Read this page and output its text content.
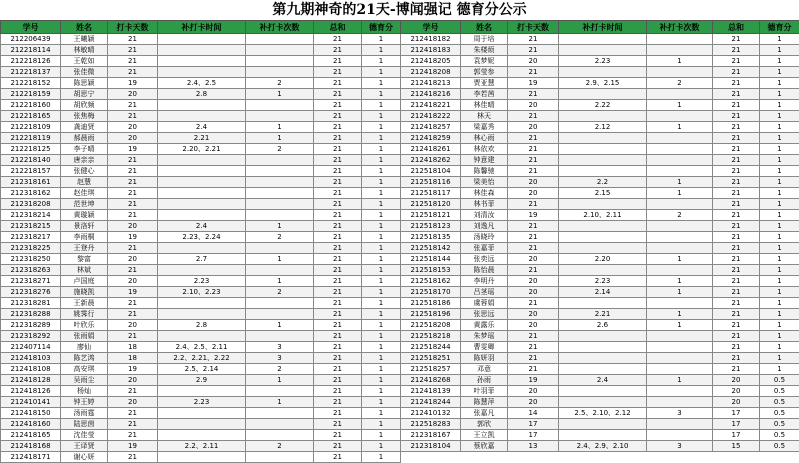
第九期神奇的21天-博闻强记 德育分公示
学号	姓名	打卡天数	补打卡时间	补打卡次数	总和	德育分
212206439	王曦颖	21			21	1
212218114	林敏晴	21			21	1
212218126	王乾如	21			21	1
212218137	张佳微	21			21	1
212218152	陈思颖	19	2.4、2.5	2	21	1
212218159	胡思宁	20	2.8	1	21	1
212218160	胡欣频	21			21	1
212218165	张焦梅	21			21	1
212218109	龚迪贤	20	2.4	1	21	1
212218119	郝晨雨	20	2.21	1	21	1
212218125	李子晴	19	2.20、2.21	2	21	1
212218140	唐亲亲	21			21	1
212218157	张健心	21			21	1
212318161	赵慧	21			21	1
212318162	赵佳琪	21			21	1
212318208	范世坤	21			21	1
212318214	黄璇颖	21			21	1
212318215	景洛轩	20	2.4	1	21	1
212318217	李雨桐	19	2.23、2.24	2	21	1
212318225	王登丹	21			21	1
212318250	黎富	20	2.7	1	21	1
212318263	林斌	21			21	1
212318271	卢国庭	20	2.23	1	21	1
212318276	施晓凯	19	2.10、2.23	2	21	1
212318281	王新晨	21			21	1
212318288	姚霁行	21			21	1
212318289	叶欣乐	20	2.8	1	21	1
212318292	张雨娟	21			21	1
212407114	廖仙	18	2.4、2.5、2.11	3	21	1
212418103	陈艺鸿	18	2.2、2.21、2.22	3	21	1
212418108	高安琪	19	2.5、2.14	2	21	1
212418128	吴雨尘	20	2.9	1	21	1
212418126	杨灿	21			21	1
212410141	钟王婷	20	2.23	1	21	1
212418150	汤雨霆	21			21	1
212418160	陆思茵	21			21	1
212418165	沈佳莹	21			21	1
212418168	王译贤	19	2.2、2.11	2	21	1
212418171	谢心妍	21			21	1
学号	姓名	打卡天数	补打卡时间	补打卡次数	总和	德育分
212418182	周于培	21			21	1
212418183	朱楼烦	21			21	1
212418205	袁梦妮	20	2.23	1	21	1
212418208	郭莹参	21			21	1
212418213	贾亚慧	19	2.9、2.15	2	21	1
212418216	李若茜	21			21	1
212418221	林佳晴	20	2.22	1	21	1
212418222	林天	21			21	1
212418257	梁嘉秀	20	2.12	1	21	1
212418259	林心雨	21			21	1
212418261	林依欢	21			21	1
212418262	钟意建	21			21	1
212518104	陈馨驰	21			21	1
212518116	梁美怡	20	2.2	1	21	1
212518117	林佳森	20	2.15	1	21	1
212518120	林书菲	21			21	1
212518121	刘清汝	19	2.10、2.11	2	21	1
212518123	刘逸凡	21			21	1
212518135	汤晓玲	21			21	1
212518142	张嘉菲	21			21	1
212518144	张奕远	20	2.20	1	21	1
212518153	陈怡晨	21			21	1
212518162	李明丹	20	2.23	1	21	1
212518170	吕茎瑶	20	2.14	1	21	1
212518186	虞蓉娟	21			21	1
212518196	张思远	20	2.21	1	21	1
212518208	黄露乐	20	2.6	1	21	1
212518218	朱梦瑶	21			21	1
212518244	曹雯卿	21			21	1
212518251	陈妍羽	21			21	1
212518257	邓意	21			21	1
212418268	孙雨	19	2.4	1	20	0.5
212418139	叶羽菲	20			20	0.5
212418244	陈慧萍	20			20	0.5
212410132	张嘉凡	14	2.5、2.10、2.12	3	17	0.5
212518283	郭欣	17			17	0.5
212318167	王立凯	17			17	0.5
212318104	蔡欣嘉	13	2.4、2.9、2.10	3	15	0.5
